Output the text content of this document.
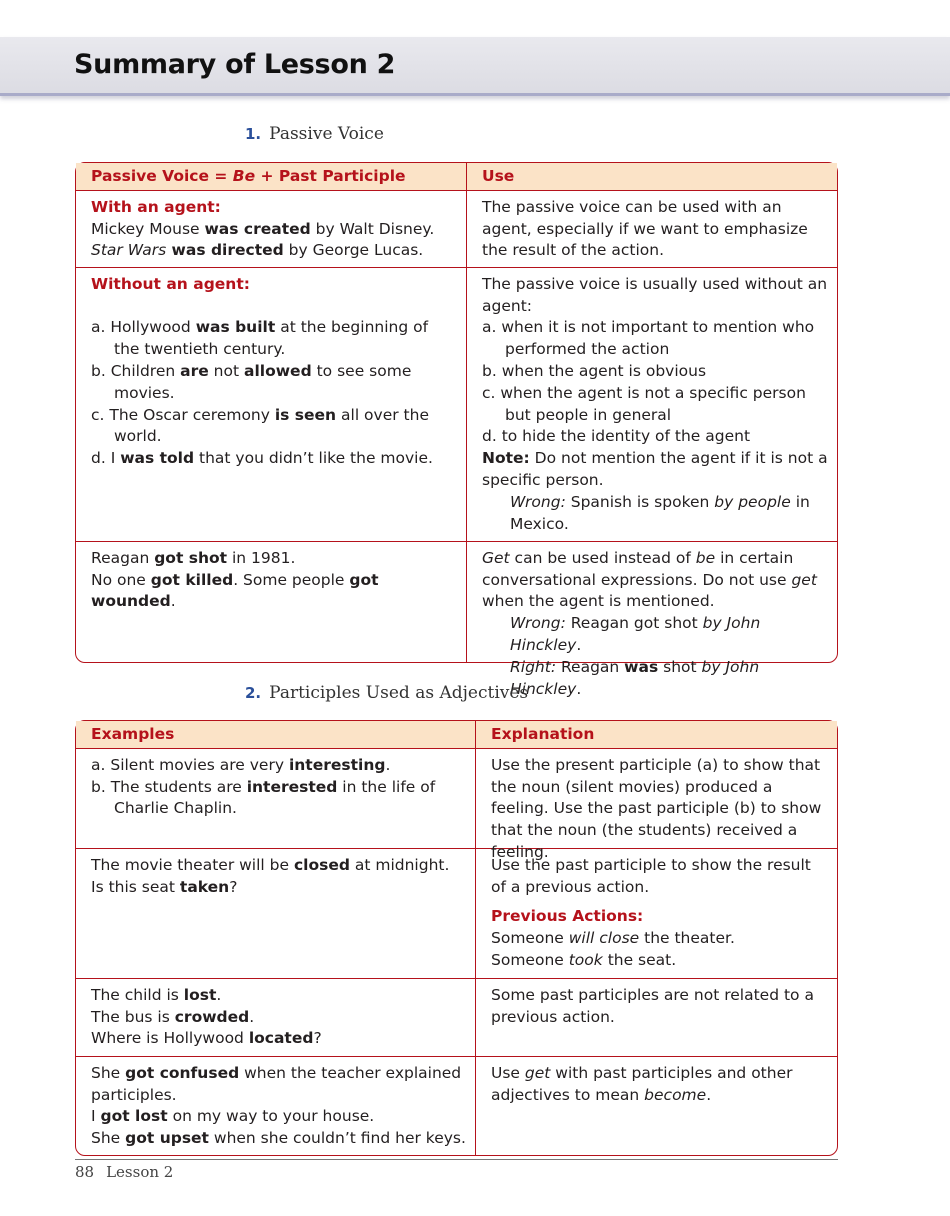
Summary of Lesson 2
1. Passive Voice
Passive Voice = Be + Past Participle	Use
With an agent:
Mickey Mouse was created by Walt Disney.
Star Wars was directed by George Lucas.
The passive voice can be used with an agent, especially if we want to emphasize the result of the action.
Without an agent:
a. Hollywood was built at the beginning of the twentieth century.
b. Children are not allowed to see some movies.
c. The Oscar ceremony is seen all over the world.
d. I was told that you didn’t like the movie.
The passive voice is usually used without an agent:
a. when it is not important to mention who performed the action
b. when the agent is obvious
c. when the agent is not a specific person but people in general
d. to hide the identity of the agent
Note: Do not mention the agent if it is not a specific person.
Wrong: Spanish is spoken by people in Mexico.
Reagan got shot in 1981.
No one got killed. Some people got wounded.
Get can be used instead of be in certain conversational expressions. Do not use get when the agent is mentioned.
Wrong: Reagan got shot by John Hinckley.
Right: Reagan was shot by John Hinckley.
2. Participles Used as Adjectives
Examples	Explanation
a. Silent movies are very interesting.
b. The students are interested in the life of Charlie Chaplin.
Use the present participle (a) to show that the noun (silent movies) produced a feeling. Use the past participle (b) to show that the noun (the students) received a feeling.
The movie theater will be closed at midnight.
Is this seat taken?
Use the past participle to show the result of a previous action.
Previous Actions:
Someone will close the theater.
Someone took the seat.
The child is lost.
The bus is crowded.
Where is Hollywood located?
Some past participles are not related to a previous action.
She got confused when the teacher explained participles.
I got lost on my way to your house.
She got upset when she couldn’t find her keys.
Use get with past participles and other adjectives to mean become.
88 Lesson 2
